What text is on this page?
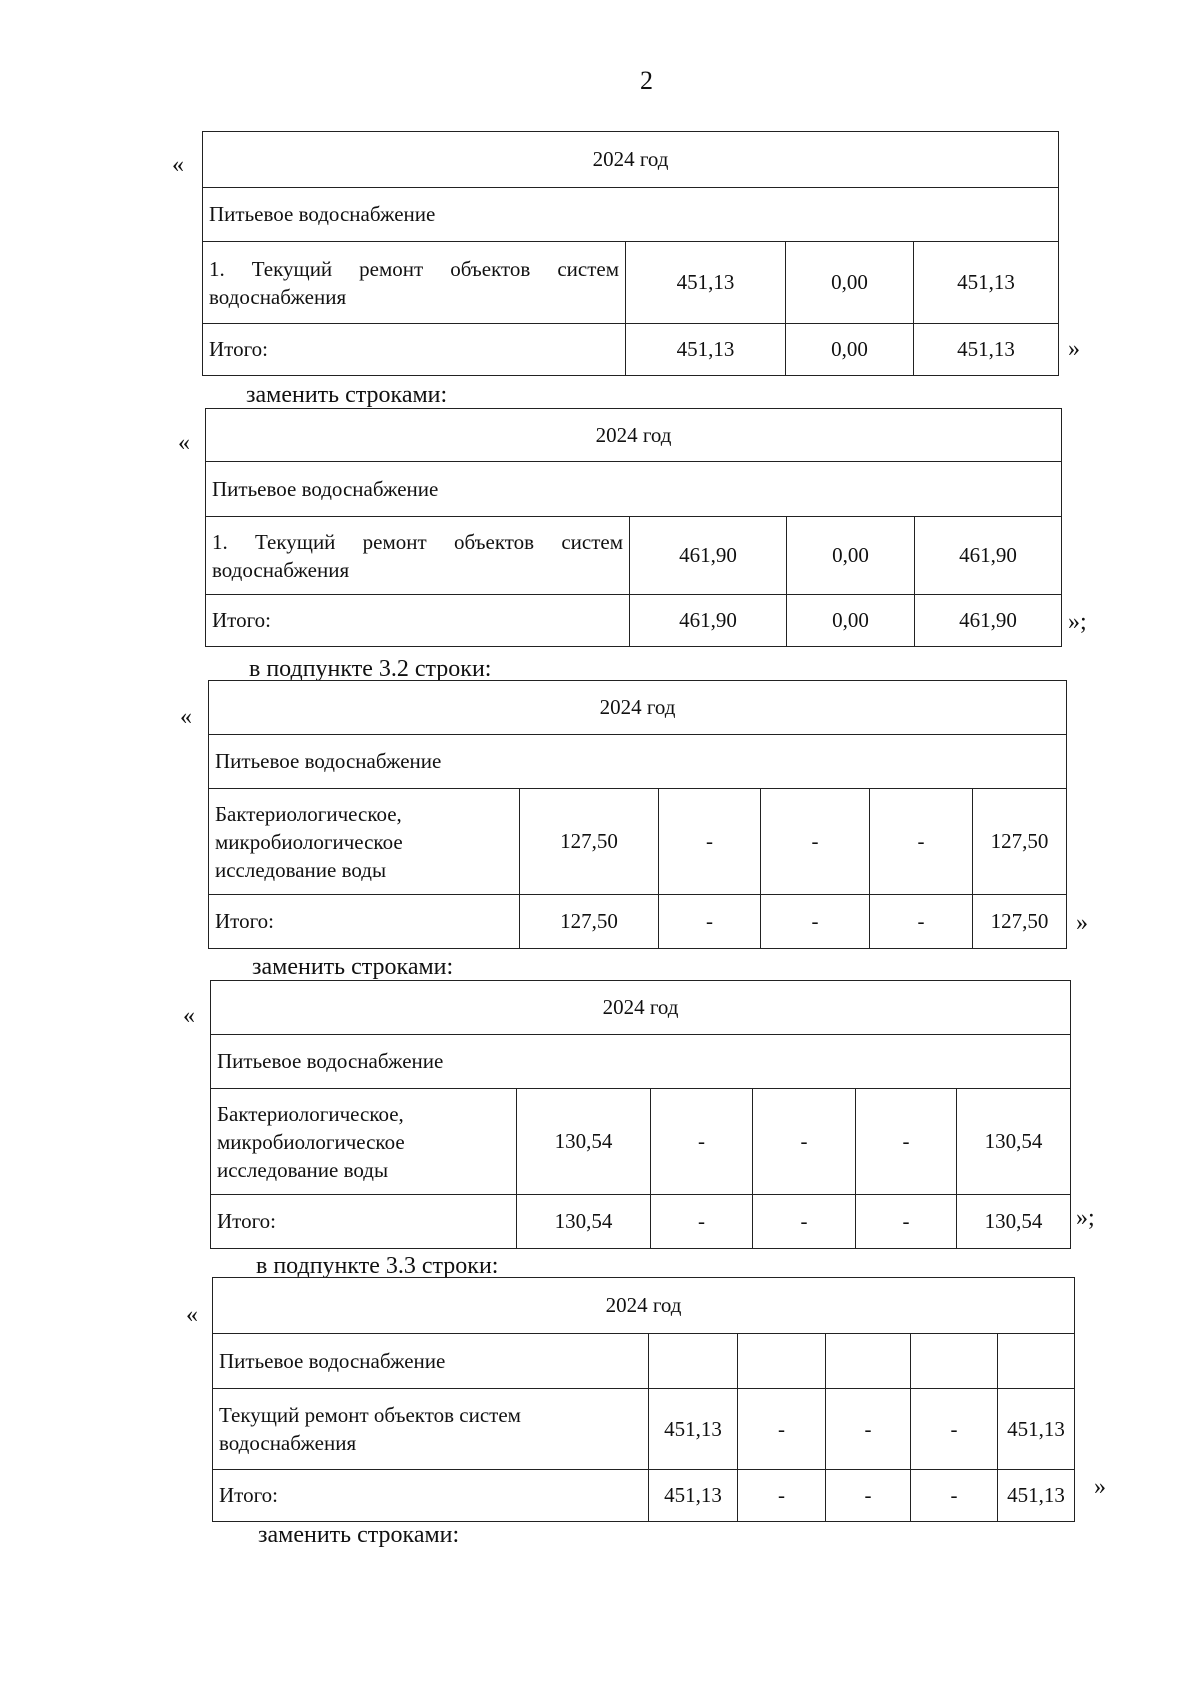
2
«	2024 год			
Питьевое водоснабжение			
1. Текущий ремонт объектов систем водоснабжения	451,13	0,00	451,13
Итого:	451,13	0,00	451,13 »
заменить строками:
«	2024 год			
Питьевое водоснабжение			
1. Текущий ремонт объектов систем водоснабжения	461,90	0,00	461,90
Итого:	461,90	0,00	461,90 »;
в подпункте 3.2 строки:
«	2024 год					
Питьевое водоснабжение					
Бактериологическое, микробиологическое исследование воды	127,50	-	-	-	127,50
Итого:	127,50	-	-	-	127,50 »
заменить строками:
«	2024 год					
Питьевое водоснабжение					
Бактериологическое, микробиологическое исследование воды	130,54	-	-	-	130,54
Итого:	130,54	-	-	-	130,54 »;
в подпункте 3.3 строки:
«	2024 год					
Питьевое водоснабжение					
Текущий ремонт объектов систем водоснабжения	451,13	-	-	-	451,13
Итого:	451,13	-	-	-	451,13 »
заменить строками:
